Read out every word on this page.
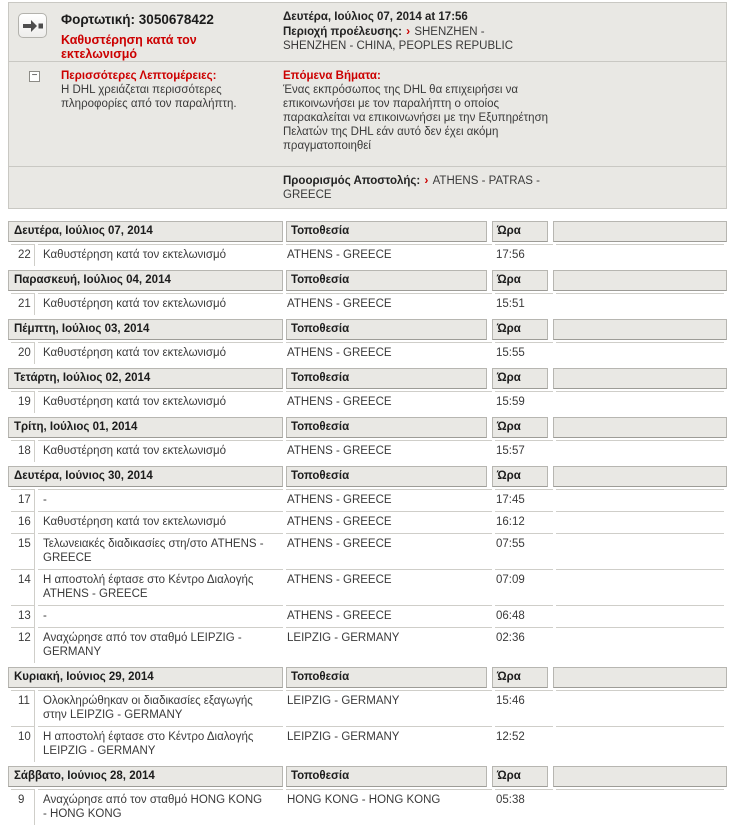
Φορτωτική: 3050678422
Καθυστέρηση κατά τον εκτελωνισμό
Δευτέρα, Ιούλιος 07, 2014 at 17:56
Περιοχή προέλευσης: › SHENZHEN - SHENZHEN - CHINA, PEOPLES REPUBLIC
− Περισσότερες Λεπτομέρειες:
Η DHL χρειάζεται περισσότερες πληροφορίες από τον παραλήπτη.
Επόμενα Βήματα:
Ένας εκπρόσωπος της DHL θα επιχειρήσει να επικοινωνήσει με τον παραλήπτη ο οποίος παρακαλείται να επικοινωνήσει με την Εξυπηρέτηση Πελατών της DHL εάν αυτό δεν έχει ακόμη πραγματοποιηθεί
Προορισμός Αποστολής: › ATHENS - PATRAS - GREECE
Δευτέρα, Ιούλιος 07, 2014	Τοποθεσία	Ώρα
22	Καθυστέρηση κατά τον εκτελωνισμό	ATHENS - GREECE	17:56	
Παρασκευή, Ιούλιος 04, 2014	Τοποθεσία	Ώρα
21	Καθυστέρηση κατά τον εκτελωνισμό	ATHENS - GREECE	15:51	
Πέμπτη, Ιούλιος 03, 2014	Τοποθεσία	Ώρα
20	Καθυστέρηση κατά τον εκτελωνισμό	ATHENS - GREECE	15:55	
Τετάρτη, Ιούλιος 02, 2014	Τοποθεσία	Ώρα
19	Καθυστέρηση κατά τον εκτελωνισμό	ATHENS - GREECE	15:59	
Τρίτη, Ιούλιος 01, 2014	Τοποθεσία	Ώρα
18	Καθυστέρηση κατά τον εκτελωνισμό	ATHENS - GREECE	15:57	
Δευτέρα, Ιούνιος 30, 2014	Τοποθεσία	Ώρα
17	-	ATHENS - GREECE	17:45	
16	Καθυστέρηση κατά τον εκτελωνισμό	ATHENS - GREECE	16:12	
15	Τελωνειακές διαδικασίες στη/στο ATHENS - GREECE	ATHENS - GREECE	07:55	
14	Η αποστολή έφτασε στο Κέντρο Διαλογής ATHENS - GREECE	ATHENS - GREECE	07:09	
13	-	ATHENS - GREECE	06:48	
12	Αναχώρησε από τον σταθμό LEIPZIG - GERMANY	LEIPZIG - GERMANY	02:36	
Κυριακή, Ιούνιος 29, 2014	Τοποθεσία	Ώρα
11	Ολοκληρώθηκαν οι διαδικασίες εξαγωγής στην LEIPZIG - GERMANY	LEIPZIG - GERMANY	15:46	
10	Η αποστολή έφτασε στο Κέντρο Διαλογής LEIPZIG - GERMANY	LEIPZIG - GERMANY	12:52	
Σάββατο, Ιούνιος 28, 2014	Τοποθεσία	Ώρα
9	Αναχώρησε από τον σταθμό HONG KONG - HONG KONG	HONG KONG - HONG KONG	05:38	
